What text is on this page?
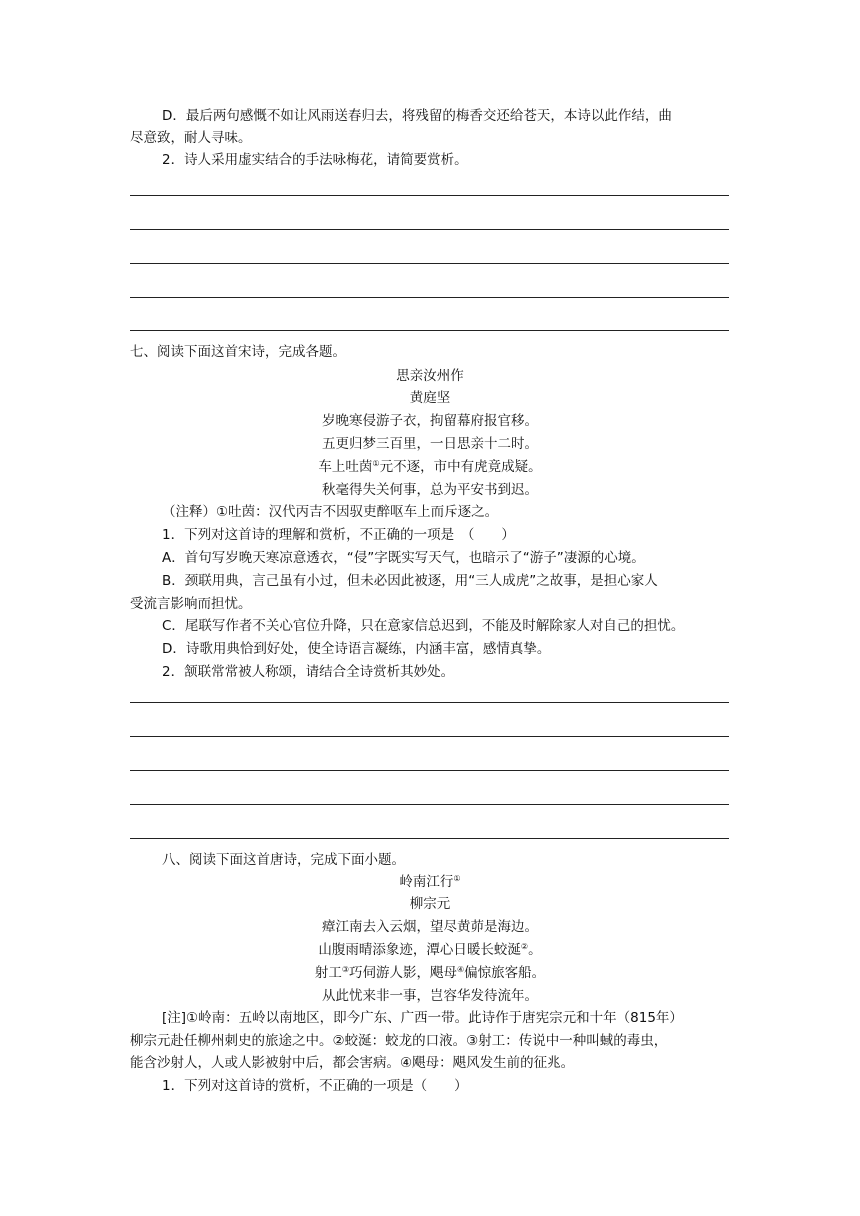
D．最后两句感慨不如让风雨送春归去，将残留的梅香交还给苍天，本诗以此作结，曲
尽意致，耐人寻味。
2．诗人采用虚实结合的手法咏梅花，请简要赏析。
七、阅读下面这首宋诗，完成各题。
思亲汝州作
黄庭坚
岁晚寒侵游子衣，拘留幕府报官移。
五更归梦三百里，一日思亲十二时。
车上吐茵①元不逐，市中有虎竟成疑。
秋毫得失关何事，总为平安书到迟。
（注释）①吐茵：汉代丙吉不因驭吏醉呕车上而斥逐之。
1．下列对这首诗的理解和赏析，不正确的一项是　（　　）
A．首句写岁晚天寒凉意透衣，“侵”字既实写天气，也暗示了“游子”凄源的心境。
B．颈联用典，言己虽有小过，但未必因此被逐，用“三人成虎”之故事，是担心家人
受流言影响而担忧。
C．尾联写作者不关心官位升降，只在意家信总迟到，不能及时解除家人对自己的担忧。
D．诗歌用典恰到好处，使全诗语言凝练，内涵丰富，感情真挚。
2．颔联常常被人称颂，请结合全诗赏析其妙处。
八、阅读下面这首唐诗，完成下面小题。
岭南江行①
柳宗元
瘴江南去入云烟，望尽黄茆是海边。
山腹雨晴添象迹，潭心日暖长蛟涎②。
射工③巧伺游人影，飓母④偏惊旅客船。
从此忧来非一事，岂容华发待流年。
[注]①岭南：五岭以南地区，即今广东、广西一带。此诗作于唐宪宗元和十年（815年）
柳宗元赴任柳州刺史的旅途之中。②蛟涎：蛟龙的口液。③射工：传说中一种叫蜮的毒虫，
能含沙射人，人或人影被射中后，都会害病。④飓母：飓风发生前的征兆。
1．下列对这首诗的赏析，不正确的一项是（　　）
